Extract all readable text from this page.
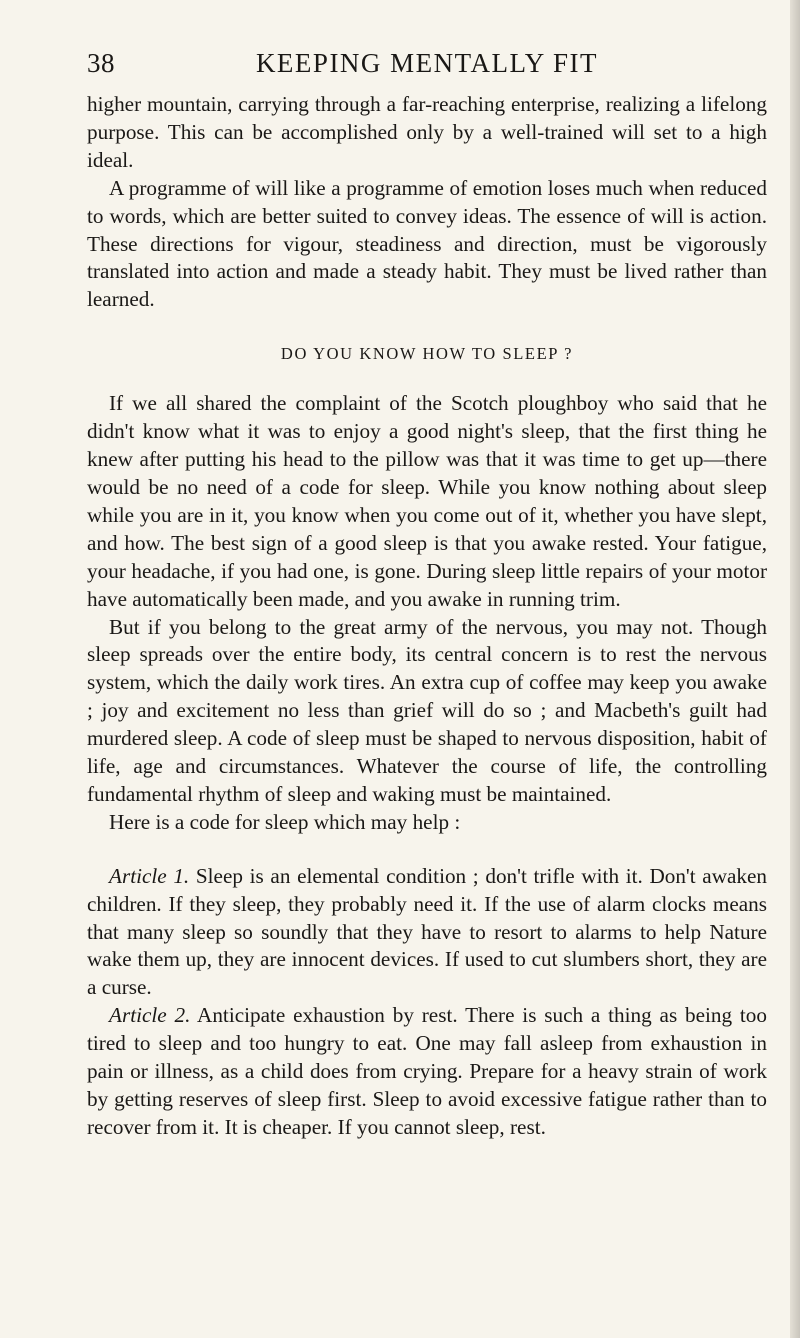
38	KEEPING MENTALLY FIT

higher mountain, carrying through a far-reaching enterprise, realizing a lifelong purpose. This can be accomplished only by a well-trained will set to a high ideal.

A programme of will like a programme of emotion loses much when reduced to words, which are better suited to convey ideas. The essence of will is action. These directions for vigour, steadiness and direction, must be vigorously translated into action and made a steady habit. They must be lived rather than learned.

DO YOU KNOW HOW TO SLEEP ?

If we all shared the complaint of the Scotch ploughboy who said that he didn't know what it was to enjoy a good night's sleep, that the first thing he knew after putting his head to the pillow was that it was time to get up—there would be no need of a code for sleep. While you know nothing about sleep while you are in it, you know when you come out of it, whether you have slept, and how. The best sign of a good sleep is that you awake rested. Your fatigue, your headache, if you had one, is gone. During sleep little repairs of your motor have automatically been made, and you awake in running trim.

But if you belong to the great army of the nervous, you may not. Though sleep spreads over the entire body, its central concern is to rest the nervous system, which the daily work tires. An extra cup of coffee may keep you awake ; joy and excitement no less than grief will do so ; and Macbeth's guilt had murdered sleep. A code of sleep must be shaped to nervous disposition, habit of life, age and circumstances. Whatever the course of life, the controlling fundamental rhythm of sleep and waking must be maintained.

Here is a code for sleep which may help :

Article 1. Sleep is an elemental condition ; don't trifle with it. Don't awaken children. If they sleep, they probably need it. If the use of alarm clocks means that many sleep so soundly that they have to resort to alarms to help Nature wake them up, they are innocent devices. If used to cut slumbers short, they are a curse.

Article 2. Anticipate exhaustion by rest. There is such a thing as being too tired to sleep and too hungry to eat. One may fall asleep from exhaustion in pain or illness, as a child does from crying. Prepare for a heavy strain of work by getting reserves of sleep first. Sleep to avoid excessive fatigue rather than to recover from it. It is cheaper. If you cannot sleep, rest.
